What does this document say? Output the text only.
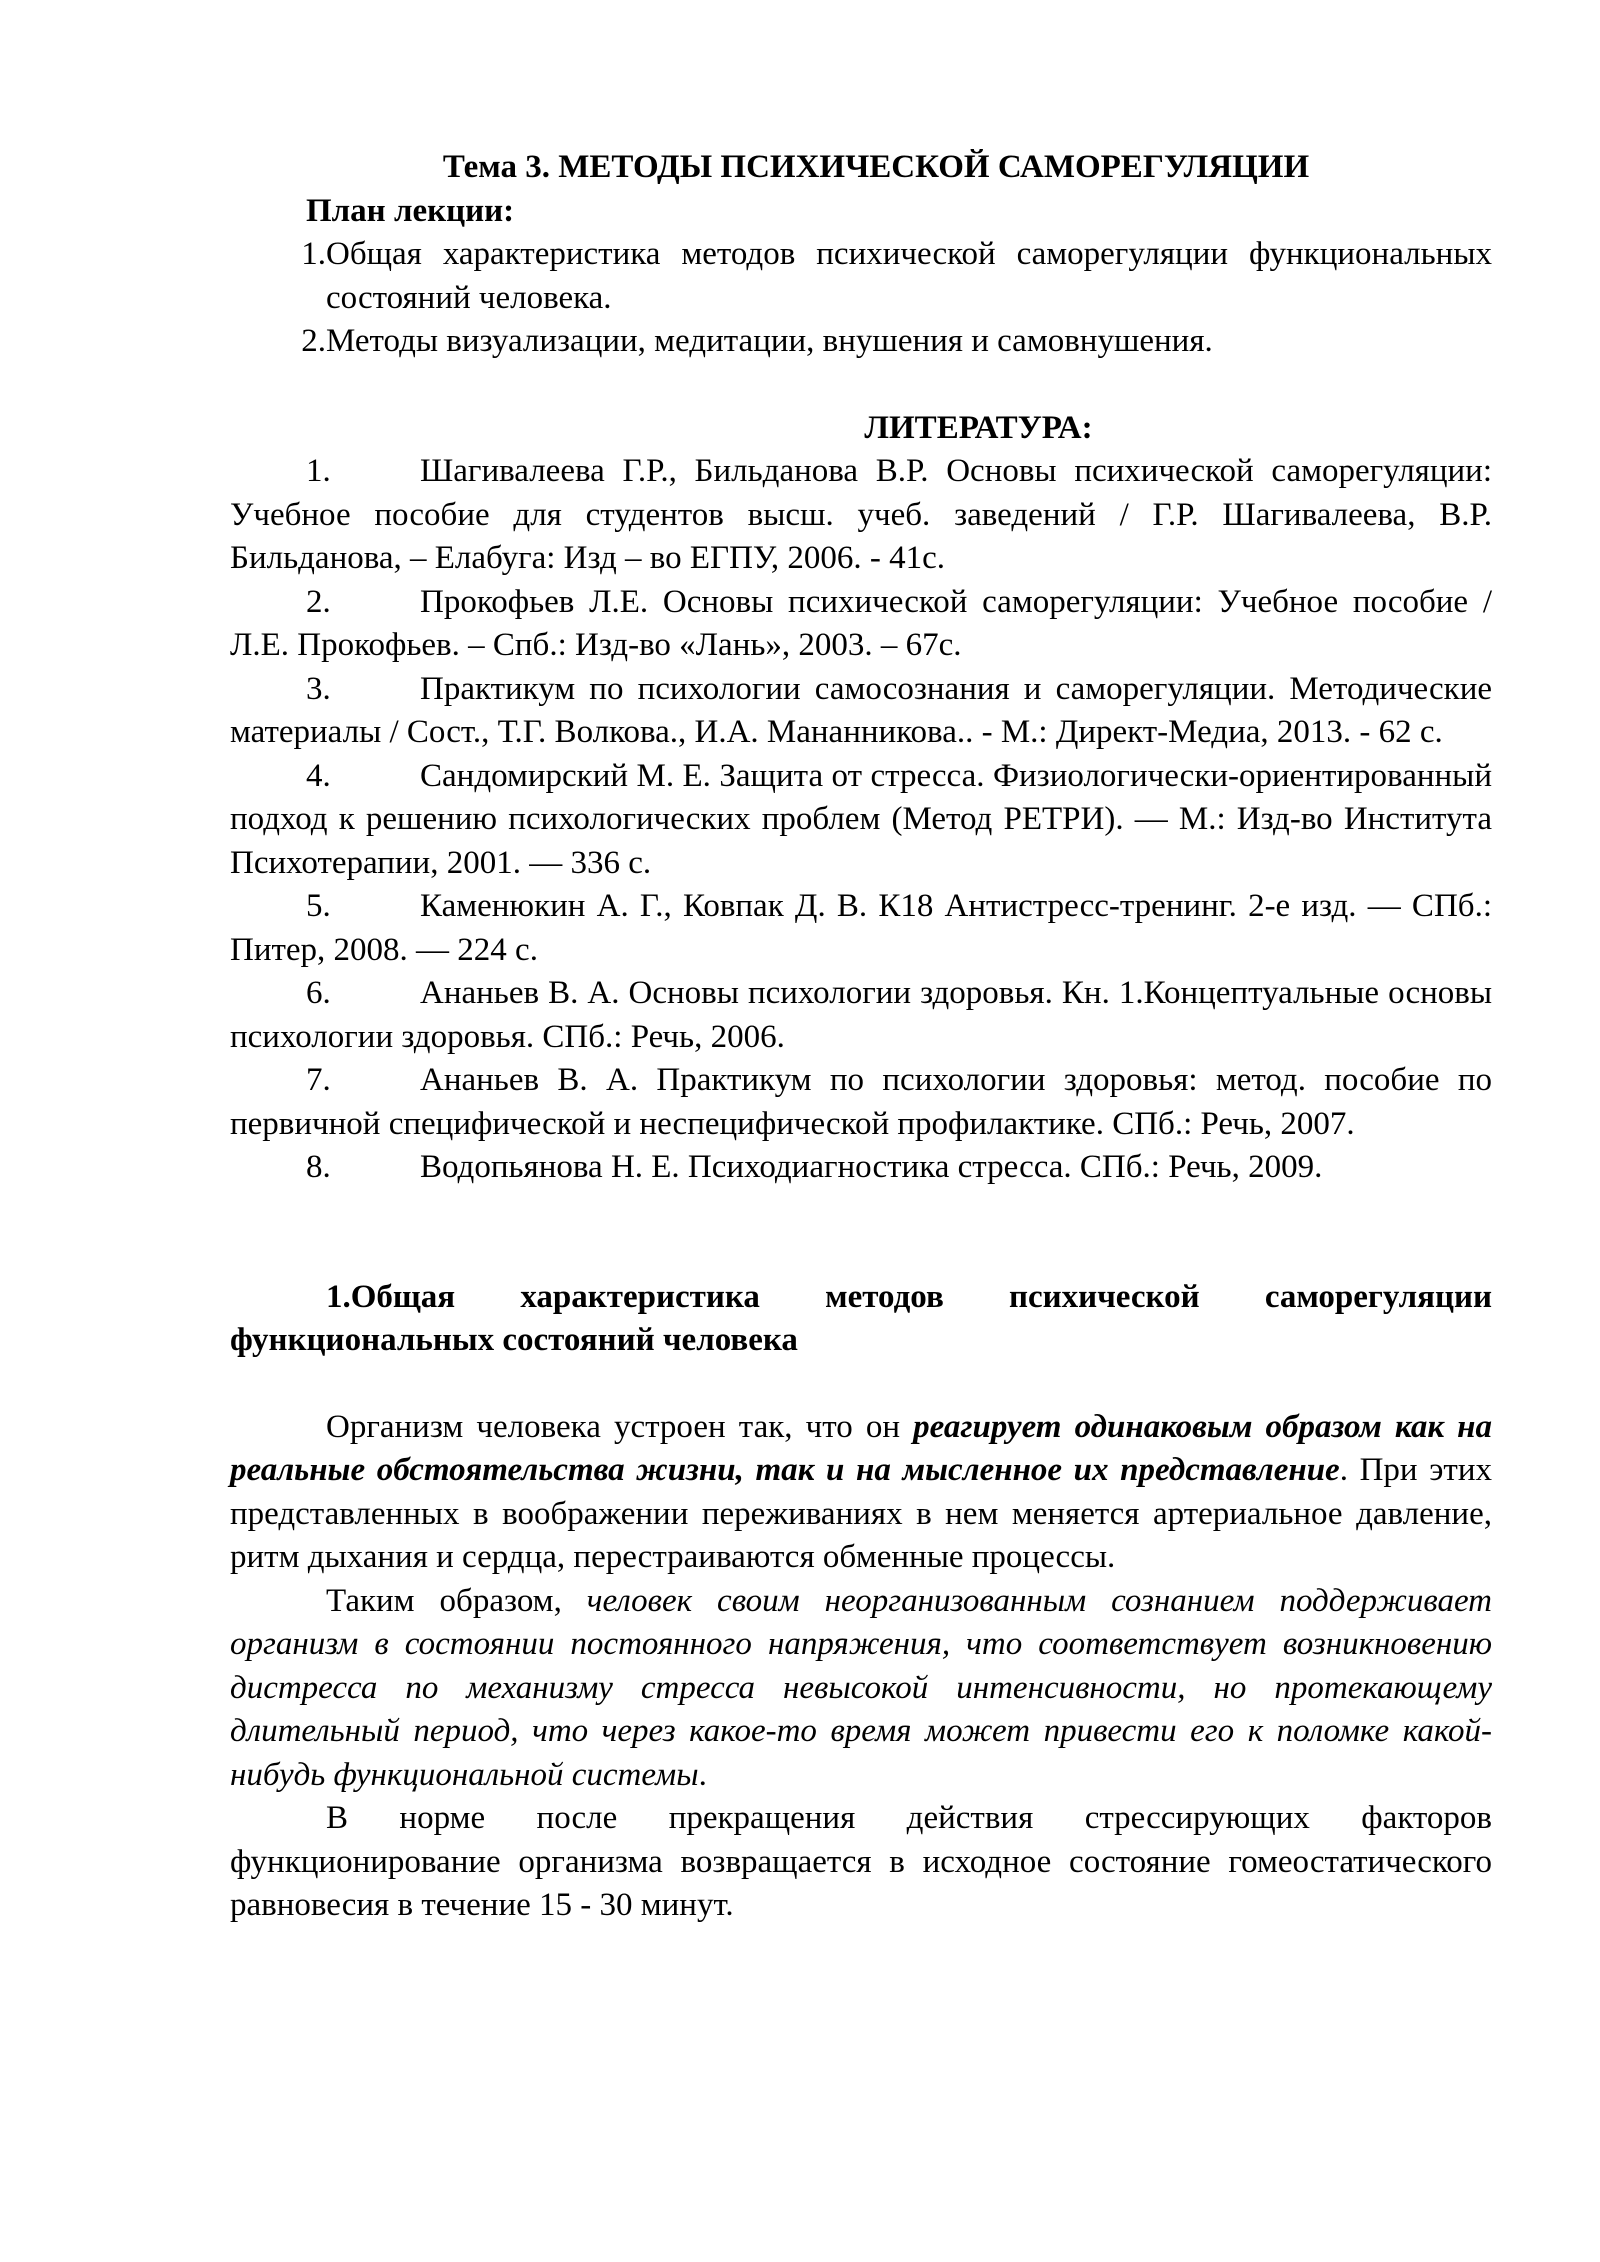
Тема 3. МЕТОДЫ ПСИХИЧЕСКОЙ САМОРЕГУЛЯЦИИ
План лекции:
1. Общая характеристика методов психической саморегуляции функциональных состояний человека.
2. Методы визуализации, медитации, внушения и самовнушения.
ЛИТЕРАТУРА:
1.	Шагивалеева Г.Р., Бильданова В.Р. Основы психической саморегуляции: Учебное пособие для студентов высш. учеб. заведений / Г.Р. Шагивалеева, В.Р. Бильданова, – Елабуга: Изд – во ЕГПУ, 2006. - 41с.
2.	Прокофьев Л.Е. Основы психической саморегуляции: Учебное пособие /Л.Е. Прокофьев. – Спб.: Изд-во «Лань», 2003. – 67с.
3.	Практикум по психологии самосознания и саморегуляции. Методические материалы / Сост., Т.Г. Волкова., И.А. Мананникова.. - М.: Директ-Медиа, 2013. - 62 с.
4.	Сандомирский М. Е. Защита от стресса. Физиологически-ориентированный подход к решению психологических проблем (Метод РЕТРИ). — М.: Изд-во Института Психотерапии, 2001. — 336 с.
5.	Каменюкин А. Г., Ковпак Д. В. К18 Антистресс-тренинг. 2-е изд. — СПб.: Питер, 2008. — 224 с.
6.	Ананьев В. А. Основы психологии здоровья. Кн. 1.Концептуальные основы психологии здоровья. СПб.: Речь, 2006.
7.	Ананьев В. А. Практикум по психологии здоровья: метод. пособие по первичной специфической и неспецифической профилактике. СПб.: Речь, 2007.
8.	Водопьянова Н. Е. Психодиагностика стресса. СПб.: Речь, 2009.
1.Общая характеристика методов психической саморегуляции функциональных состояний человека
Организм человека устроен так, что он реагирует одинаковым образом как на реальные обстоятельства жизни, так и на мысленное их представление. При этих представленных в воображении переживаниях в нем меняется артериальное давление, ритм дыхания и сердца, перестраиваются обменные процессы.
Таким образом, человек своим неорганизованным сознанием поддерживает организм в состоянии постоянного напряжения, что соответствует возникновению дистресса по механизму стресса невысокой интенсивности, но протекающему длительный период, что через какое-то время может привести его к поломке какой-нибудь функциональной системы.
В норме после прекращения действия стрессирующих факторов функционирование организма возвращается в исходное состояние гомеостатического равновесия в течение 15 - 30 минут.
